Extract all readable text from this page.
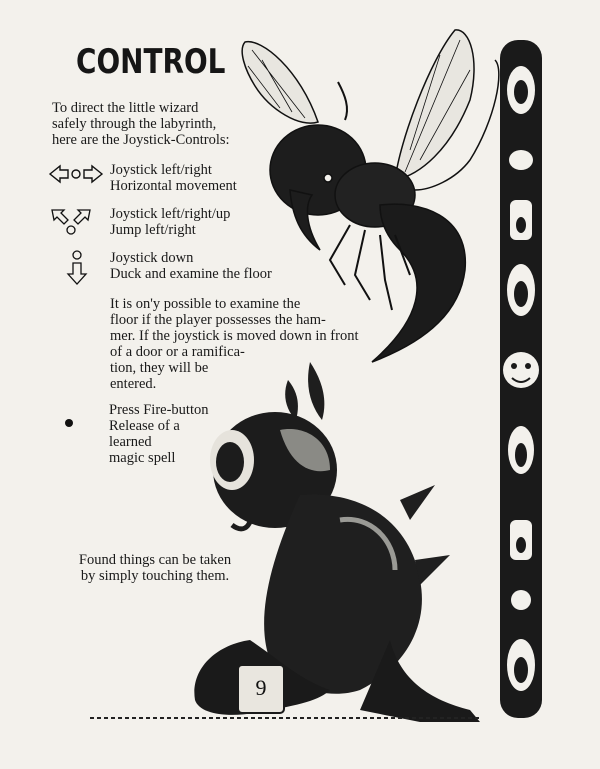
CONTROL
To direct the little wizard
safely through the labyrinth,
here are the Joystick-Controls:
Joystick left/right
Horizontal movement
Joystick left/right/up
Jump left/right
Joystick down
Duck and examine the floor
It is on'y possible to examine the
floor if the player possesses the ham-
mer. If the joystick is moved down in front
of a door or a ramifica-
tion, they will be
entered.
Press Fire-button
Release of a
learned
magic spell
Found things can be taken
by simply touching them.
9
